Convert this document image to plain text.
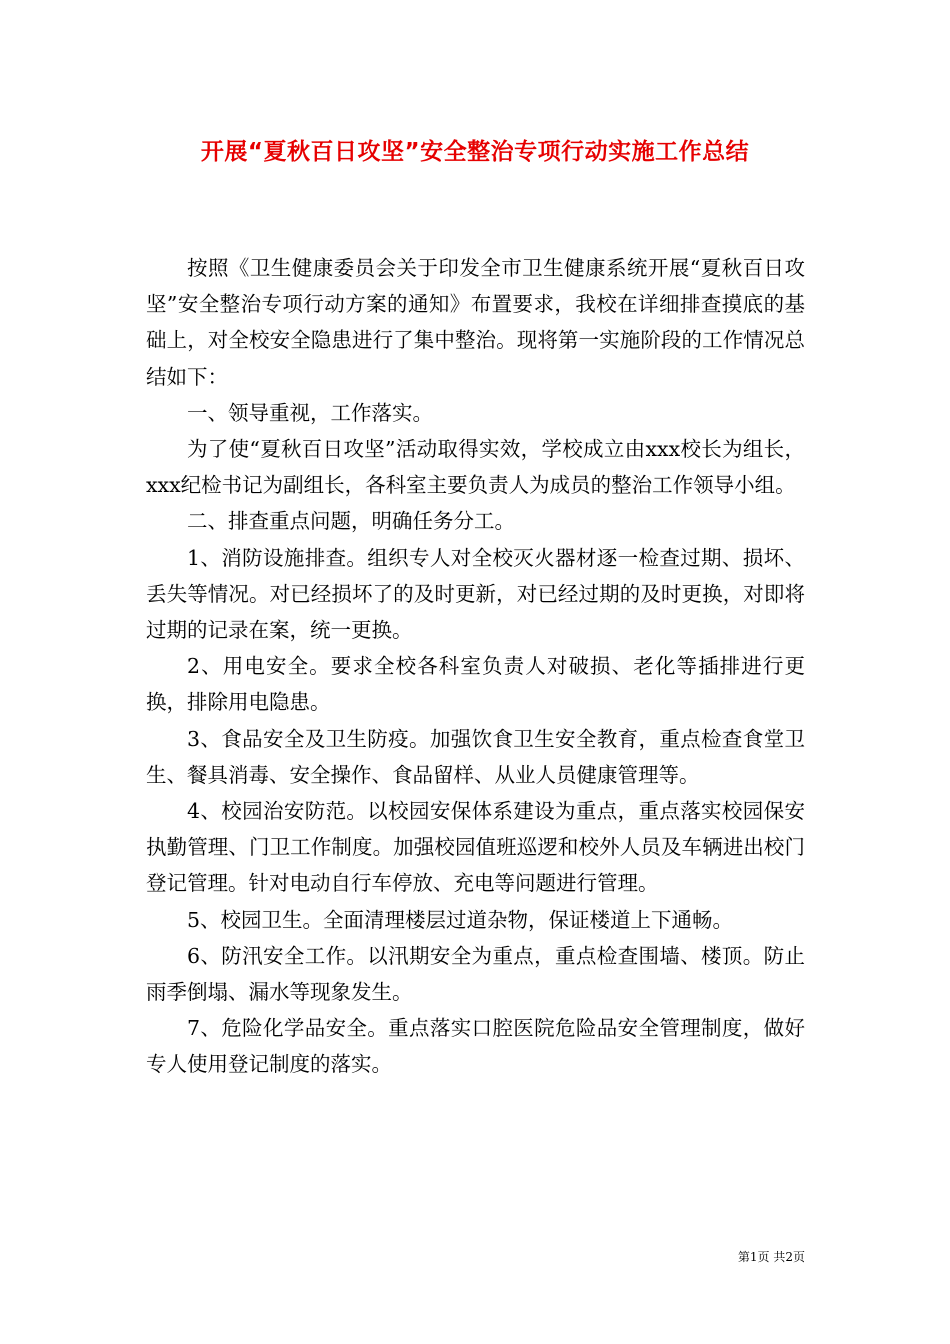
开展“夏秋百日攻坚”安全整治专项行动实施工作总结

按照《卫生健康委员会关于印发全市卫生健康系统开展“夏秋百日攻坚”安全整治专项行动方案的通知》布置要求，我校在详细排查摸底的基础上，对全校安全隐患进行了集中整治。现将第一实施阶段的工作情况总结如下：

一、领导重视，工作落实。

为了使“夏秋百日攻坚”活动取得实效，学校成立由xxx校长为组长，xxx纪检书记为副组长，各科室主要负责人为成员的整治工作领导小组。

二、排查重点问题，明确任务分工。

1、消防设施排查。组织专人对全校灭火器材逐一检查过期、损坏、丢失等情况。对已经损坏了的及时更新，对已经过期的及时更换，对即将过期的记录在案，统一更换。

2、用电安全。要求全校各科室负责人对破损、老化等插排进行更换，排除用电隐患。

3、食品安全及卫生防疫。加强饮食卫生安全教育，重点检查食堂卫生、餐具消毒、安全操作、食品留样、从业人员健康管理等。

4、校园治安防范。以校园安保体系建设为重点，重点落实校园保安执勤管理、门卫工作制度。加强校园值班巡逻和校外人员及车辆进出校门登记管理。针对电动自行车停放、充电等问题进行管理。

5、校园卫生。全面清理楼层过道杂物，保证楼道上下通畅。

6、防汛安全工作。以汛期安全为重点，重点检查围墙、楼顶。防止雨季倒塌、漏水等现象发生。

7、危险化学品安全。重点落实口腔医院危险品安全管理制度，做好专人使用登记制度的落实。

第1页 共2页
